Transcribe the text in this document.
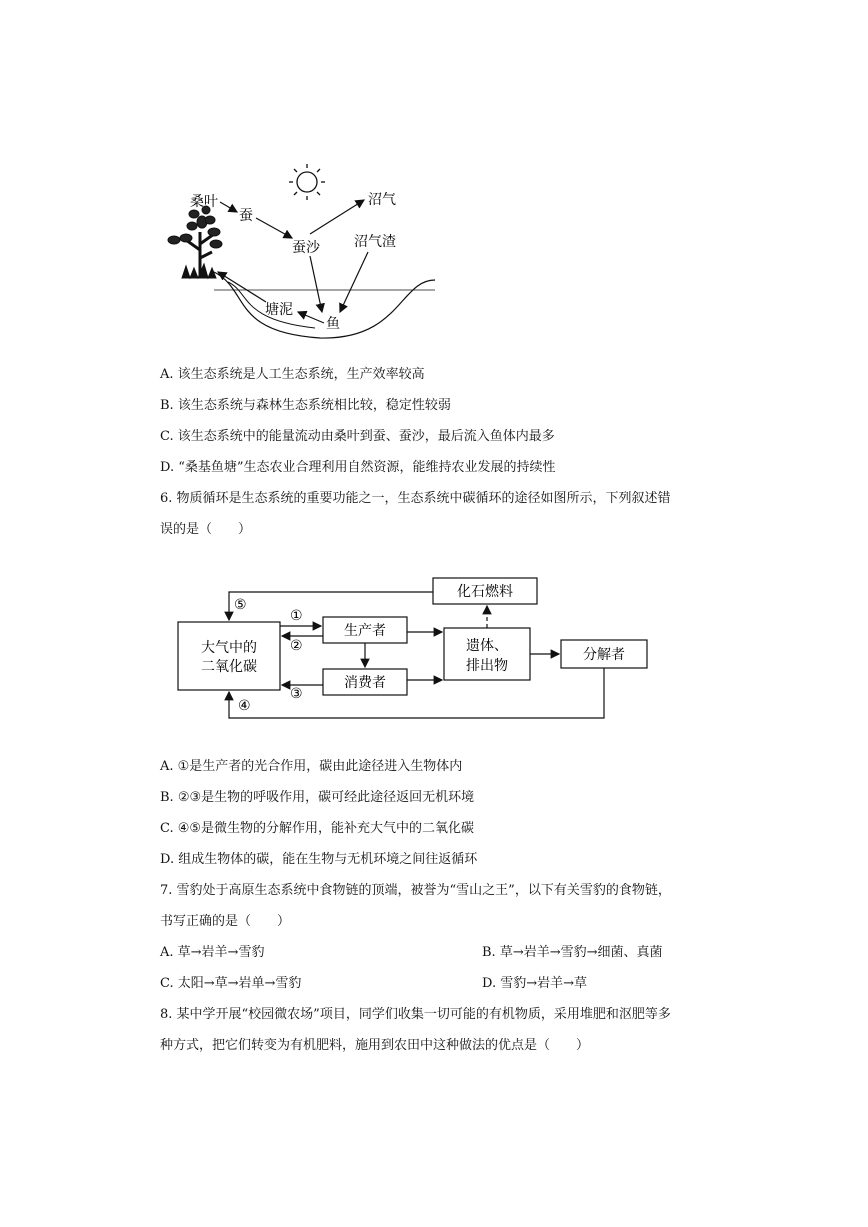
桑叶
蚕
蚕沙
沼气
沼气渣
塘泥
鱼
A. 该生态系统是人工生态系统，生产效率较高
B. 该生态系统与森林生态系统相比较，稳定性较弱
C. 该生态系统中的能量流动由桑叶到蚕、蚕沙，最后流入鱼体内最多
D. “桑基鱼塘”生态农业合理利用自然资源，能维持农业发展的持续性
6. 物质循环是生态系统的重要功能之一，生态系统中碳循环的途径如图所示，下列叙述错
误的是（　　）
大气中的
二氧化碳
生产者
消费者
遗体、
排出物
分解者
化石燃料
①
②
③
④
⑤
A. ①是生产者的光合作用，碳由此途径进入生物体内
B. ②③是生物的呼吸作用，碳可经此途径返回无机环境
C. ④⑤是微生物的分解作用，能补充大气中的二氧化碳
D. 组成生物体的碳，能在生物与无机环境之间往返循环
7. 雪豹处于高原生态系统中食物链的顶端，被誉为“雪山之王”，以下有关雪豹的食物链，
书写正确的是（　　）
A. 草→岩羊→雪豹	B. 草→岩羊→雪豹→细菌、真菌
C. 太阳→草→岩单→雪豹	D. 雪豹→岩羊→草
8. 某中学开展“校园微农场”项目，同学们收集一切可能的有机物质，采用堆肥和沤肥等多
种方式，把它们转变为有机肥料，施用到农田中这种做法的优点是（　　）
